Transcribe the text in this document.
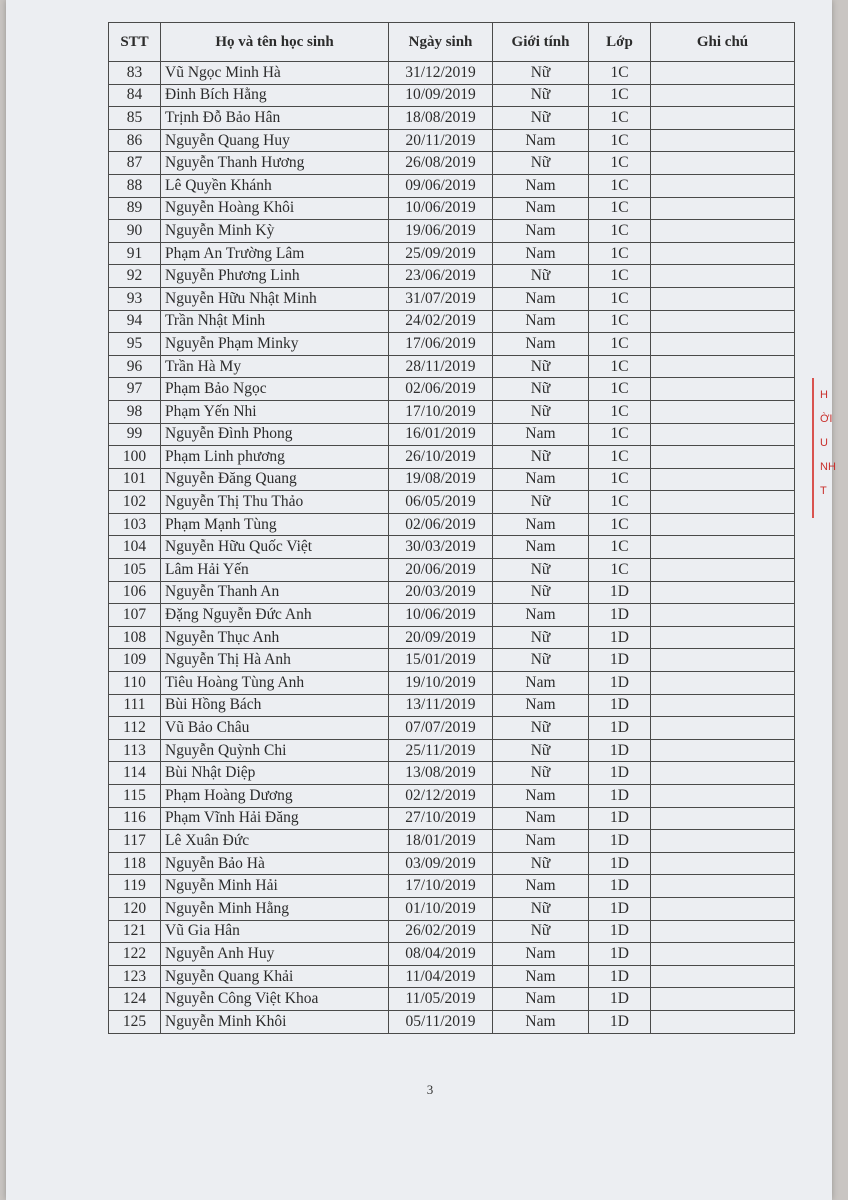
STT	Họ và tên học sinh	Ngày sinh	Giới tính	Lớp	Ghi chú
83	Vũ Ngọc Minh Hà	31/12/2019	Nữ	1C	
84	Đinh Bích Hằng	10/09/2019	Nữ	1C	
85	Trịnh Đỗ Bảo Hân	18/08/2019	Nữ	1C	
86	Nguyễn Quang Huy	20/11/2019	Nam	1C	
87	Nguyễn Thanh Hương	26/08/2019	Nữ	1C	
88	Lê Quyền Khánh	09/06/2019	Nam	1C	
89	Nguyễn Hoàng Khôi	10/06/2019	Nam	1C	
90	Nguyễn Minh Kỳ	19/06/2019	Nam	1C	
91	Phạm An Trường Lâm	25/09/2019	Nam	1C	
92	Nguyễn Phương Linh	23/06/2019	Nữ	1C	
93	Nguyễn Hữu Nhật Minh	31/07/2019	Nam	1C	
94	Trần Nhật Minh	24/02/2019	Nam	1C	
95	Nguyễn Phạm Minky	17/06/2019	Nam	1C	
96	Trần Hà My	28/11/2019	Nữ	1C	
97	Phạm Bảo Ngọc	02/06/2019	Nữ	1C	
98	Phạm Yến Nhi	17/10/2019	Nữ	1C	
99	Nguyễn Đình Phong	16/01/2019	Nam	1C	
100	Phạm Linh phương	26/10/2019	Nữ	1C	
101	Nguyễn Đăng Quang	19/08/2019	Nam	1C	
102	Nguyễn Thị Thu Thảo	06/05/2019	Nữ	1C	
103	Phạm Mạnh Tùng	02/06/2019	Nam	1C	
104	Nguyễn Hữu Quốc Việt	30/03/2019	Nam	1C	
105	Lâm Hải Yến	20/06/2019	Nữ	1C	
106	Nguyễn Thanh An	20/03/2019	Nữ	1D	
107	Đặng Nguyễn Đức Anh	10/06/2019	Nam	1D	
108	Nguyễn Thục Anh	20/09/2019	Nữ	1D	
109	Nguyễn Thị Hà Anh	15/01/2019	Nữ	1D	
110	Tiêu Hoàng Tùng Anh	19/10/2019	Nam	1D	
111	Bùi Hồng Bách	13/11/2019	Nam	1D	
112	Vũ Bảo Châu	07/07/2019	Nữ	1D	
113	Nguyễn Quỳnh Chi	25/11/2019	Nữ	1D	
114	Bùi Nhật Diệp	13/08/2019	Nữ	1D	
115	Phạm Hoàng Dương	02/12/2019	Nam	1D	
116	Phạm Vĩnh Hải Đăng	27/10/2019	Nam	1D	
117	Lê Xuân Đức	18/01/2019	Nam	1D	
118	Nguyễn Bảo Hà	03/09/2019	Nữ	1D	
119	Nguyễn Minh Hải	17/10/2019	Nam	1D	
120	Nguyễn Minh Hằng	01/10/2019	Nữ	1D	
121	Vũ Gia Hân	26/02/2019	Nữ	1D	
122	Nguyễn Anh Huy	08/04/2019	Nam	1D	
123	Nguyễn Quang Khải	11/04/2019	Nam	1D	
124	Nguyễn Công Việt Khoa	11/05/2019	Nam	1D	
125	Nguyễn Minh Khôi	05/11/2019	Nam	1D	
3
H
ỜI
U
NH
T
